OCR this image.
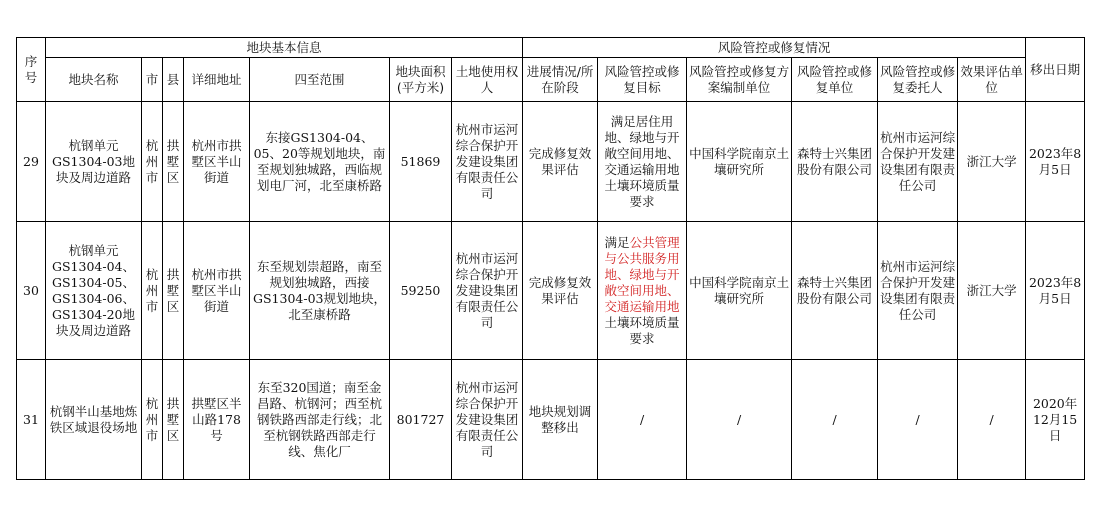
序号	地块基本信息							风险管控或修复情况						移出日期
	地块名称	市	县	详细地址	四至范围	地块面积(平方米)	土地使用权人	进展情况/所在阶段	风险管控或修复目标	风险管控或修复方案编制单位	风险管控或修复单位	风险管控或修复委托人	效果评估单位	
29	杭钢单元GS1304-03地块及周边道路	杭州市	拱墅区	杭州市拱墅区半山街道	东接GS1304-04、05、20等规划地块，南至规划独城路，西临规划电厂河，北至康桥路	51869	杭州市运河综合保护开发建设集团有限责任公司	完成修复效果评估	满足居住用地、绿地与开敞空间用地、交通运输用地土壤环境质量要求	中国科学院南京土壤研究所	森特士兴集团股份有限公司	杭州市运河综合保护开发建设集团有限责任公司	浙江大学	2023年8月5日
30	杭钢单元GS1304-04、GS1304-05、GS1304-06、GS1304-20地块及周边道路	杭州市	拱墅区	杭州市拱墅区半山街道	东至规划崇超路，南至规划独城路，西接GS1304-03规划地块，北至康桥路	59250	杭州市运河综合保护开发建设集团有限责任公司	完成修复效果评估	满足公共管理与公共服务用地、绿地与开敞空间用地、交通运输用地土壤环境质量要求	中国科学院南京土壤研究所	森特士兴集团股份有限公司	杭州市运河综合保护开发建设集团有限责任公司	浙江大学	2023年8月5日
31	杭钢半山基地炼铁区域退役场地	杭州市	拱墅区	拱墅区半山路178号	东至320国道；南至金昌路、杭钢河；西至杭钢铁路西部走行线；北至杭钢铁路西部走行线、焦化厂	801727	杭州市运河综合保护开发建设集团有限责任公司	地块规划调整移出	/	/	/	/	/	2020年12月15日
